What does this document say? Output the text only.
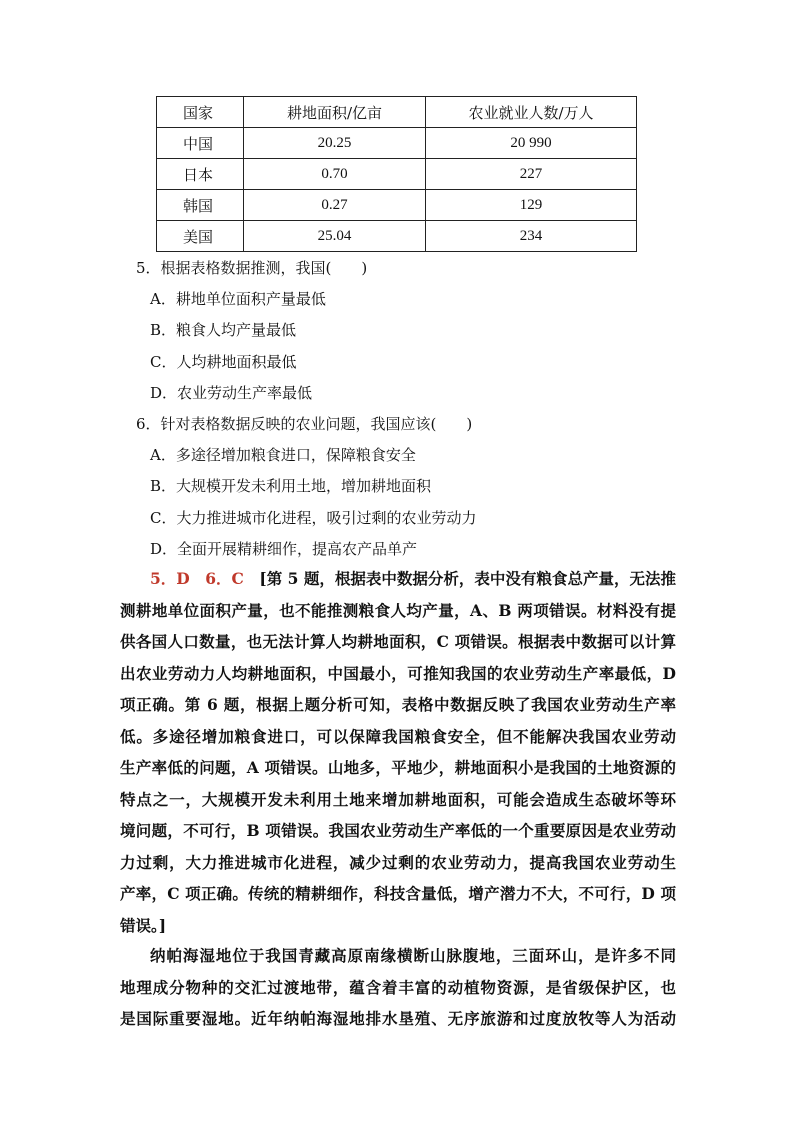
国家	耕地面积/亿亩	农业就业人数/万人
中国	20.25	20 990
日本	0.70	227
韩国	0.27	129
美国	25.04	234
5．根据表格数据推测，我国(　　)
A．耕地单位面积产量最低
B．粮食人均产量最低
C．人均耕地面积最低
D．农业劳动生产率最低
6．针对表格数据反映的农业问题，我国应该(　　)
A．多途径增加粮食进口，保障粮食安全
B．大规模开发未利用土地，增加耕地面积
C．大力推进城市化进程，吸引过剩的农业劳动力
D．全面开展精耕细作，提高农产品单产
5．D　6．C　 [第 5 题，根据表中数据分析，表中没有粮食总产量，无法推
测耕地单位面积产量，也不能推测粮食人均产量，A、B 两项错误。材料没有提
供各国人口数量，也无法计算人均耕地面积，C 项错误。根据表中数据可以计算
出农业劳动力人均耕地面积，中国最小，可推知我国的农业劳动生产率最低，D
项正确。第 6 题，根据上题分析可知，表格中数据反映了我国农业劳动生产率
低。多途径增加粮食进口，可以保障我国粮食安全，但不能解决我国农业劳动
生产率低的问题，A 项错误。山地多，平地少，耕地面积小是我国的土地资源的
特点之一，大规模开发未利用土地来增加耕地面积，可能会造成生态破坏等环
境问题，不可行，B 项错误。我国农业劳动生产率低的一个重要原因是农业劳动
力过剩，大力推进城市化进程，减少过剩的农业劳动力，提高我国农业劳动生
产率，C 项正确。传统的精耕细作，科技含量低，增产潜力不大，不可行，D 项
错误。]
纳帕海湿地位于我国青藏高原南缘横断山脉腹地，三面环山，是许多不同
地理成分物种的交汇过渡地带，蕴含着丰富的动植物资源，是省级保护区，也
是国际重要湿地。近年纳帕海湿地排水垦殖、无序旅游和过度放牧等人为活动
